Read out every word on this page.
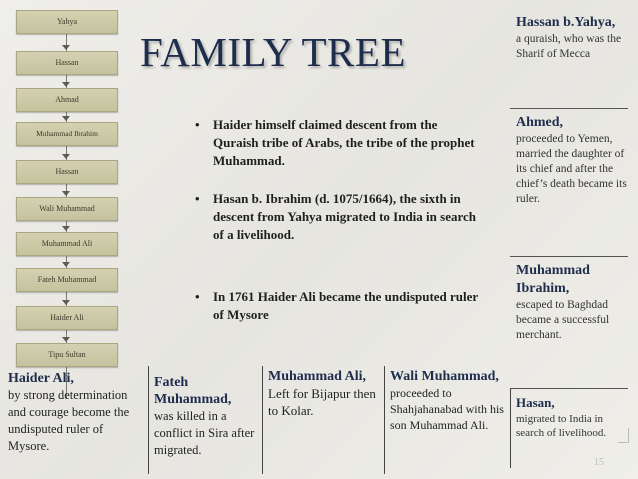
Yahya
Hassan
Ahmad
Muhammad Ibrahim
Hassan
Wali Muhammad
Muhammad Ali
Fateh Muhammad
Haider Ali
Tipu Sultan
FAMILY TREE
• Haider himself claimed descent from the Quraish tribe of Arabs, the tribe of the prophet Muhammad.
• Hasan b. Ibrahim (d. 1075/1664), the sixth in descent from Yahya migrated to India in search of a livelihood.
• In 1761 Haider Ali became the undisputed ruler of Mysore
Hassan b.Yahya,
a quraish, who was the Sharif of Mecca
Ahmed,
proceeded to Yemen, married the daughter of its chief and after the chief’s death became its ruler.
Muhammad Ibrahim,
escaped to Baghdad became a successful merchant.
Hasan,
migrated to India in search of livelihood.
Haider Ali,
by strong determination and courage become the undisputed ruler of Mysore.
Fateh Muhammad,
was killed in a conflict in Sira after migrated.
Muhammad Ali,
Left for Bijapur then to Kolar.
Wali Muhammad,
proceeded to Shahjahanabad with his son Muhammad Ali.
15
